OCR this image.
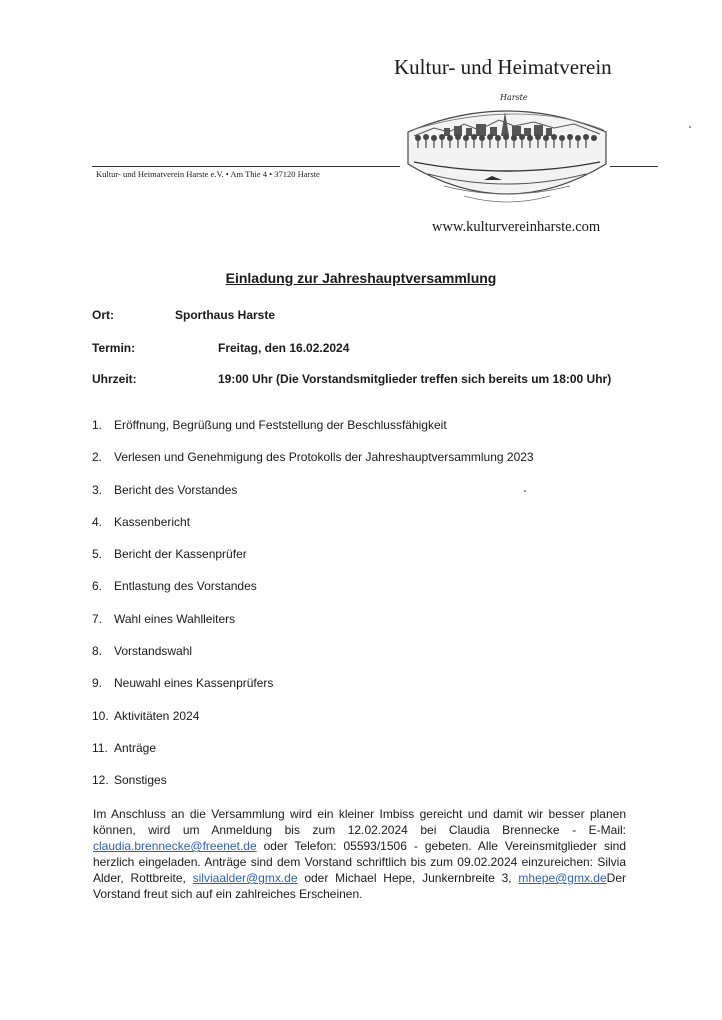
Kultur- und Heimatverein
Harste
Kultur- und Heimatverein Harste e.V. • Am Thie 4 • 37120 Harste
www.kulturvereinharste.com
Einladung zur Jahreshauptversammlung
Ort:	Sporthaus Harste
Termin:	Freitag, den 16.02.2024
Uhrzeit:	19:00 Uhr (Die Vorstandsmitglieder treffen sich bereits um 18:00 Uhr)
1. Eröffnung, Begrüßung und Feststellung der Beschlussfähigkeit
2. Verlesen und Genehmigung des Protokolls der Jahreshauptversammlung 2023
3. Bericht des Vorstandes
4. Kassenbericht
5. Bericht der Kassenprüfer
6. Entlastung des Vorstandes
7. Wahl eines Wahlleiters
8. Vorstandswahl
9. Neuwahl eines Kassenprüfers
10. Aktivitäten 2024
11. Anträge
12. Sonstiges
Im Anschluss an die Versammlung wird ein kleiner Imbiss gereicht und damit wir besser planen können, wird um Anmeldung bis zum 12.02.2024 bei Claudia Brennecke - E-Mail: claudia.brennecke@freenet.de oder Telefon: 05593/1506 - gebeten. Alle Vereinsmitglieder sind herzlich eingeladen. Anträge sind dem Vorstand schriftlich bis zum 09.02.2024 einzureichen: Silvia Alder, Rottbreite, silviaalder@gmx.de oder Michael Hepe, Junkernbreite 3, mhepe@gmx.deDer Vorstand freut sich auf ein zahlreiches Erscheinen.
